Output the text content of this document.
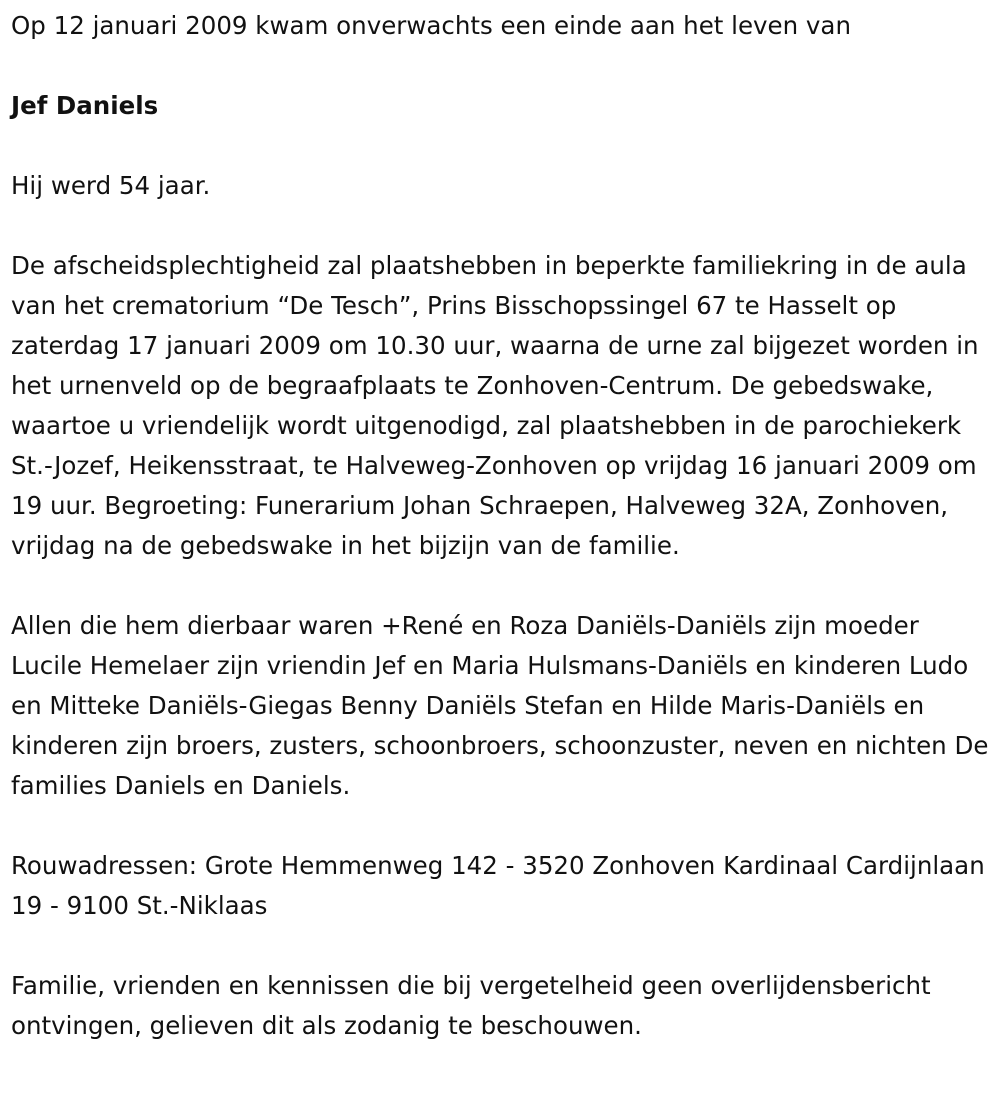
Op 12 januari 2009 kwam onverwachts een einde aan het leven van

Jef Daniels

Hij werd 54 jaar.

De afscheidsplechtigheid zal plaatshebben in beperkte familiekring in de aula van het crematorium “De Tesch”, Prins Bisschopssingel 67 te Hasselt op zaterdag 17 januari 2009 om 10.30 uur, waarna de urne zal bijgezet worden in het urnenveld op de begraafplaats te Zonhoven-Centrum. De gebedswake, waartoe u vriendelijk wordt uitgenodigd, zal plaatshebben in de parochiekerk St.-Jozef, Heikensstraat, te Halveweg-Zonhoven op vrijdag 16 januari 2009 om 19 uur. Begroeting: Funerarium Johan Schraepen, Halveweg 32A, Zonhoven, vrijdag na de gebedswake in het bijzijn van de familie.

Allen die hem dierbaar waren +René en Roza Daniëls-Daniëls zijn moeder Lucile Hemelaer zijn vriendin Jef en Maria Hulsmans-Daniëls en kinderen Ludo en Mitteke Daniëls-Giegas Benny Daniëls Stefan en Hilde Maris-Daniëls en kinderen zijn broers, zusters, schoonbroers, schoonzuster, neven en nichten De families Daniels en Daniels.

Rouwadressen: Grote Hemmenweg 142 - 3520 Zonhoven Kardinaal Cardijnlaan 19 - 9100 St.-Niklaas

Familie, vrienden en kennissen die bij vergetelheid geen overlijdensbericht ontvingen, gelieven dit als zodanig te beschouwen.
